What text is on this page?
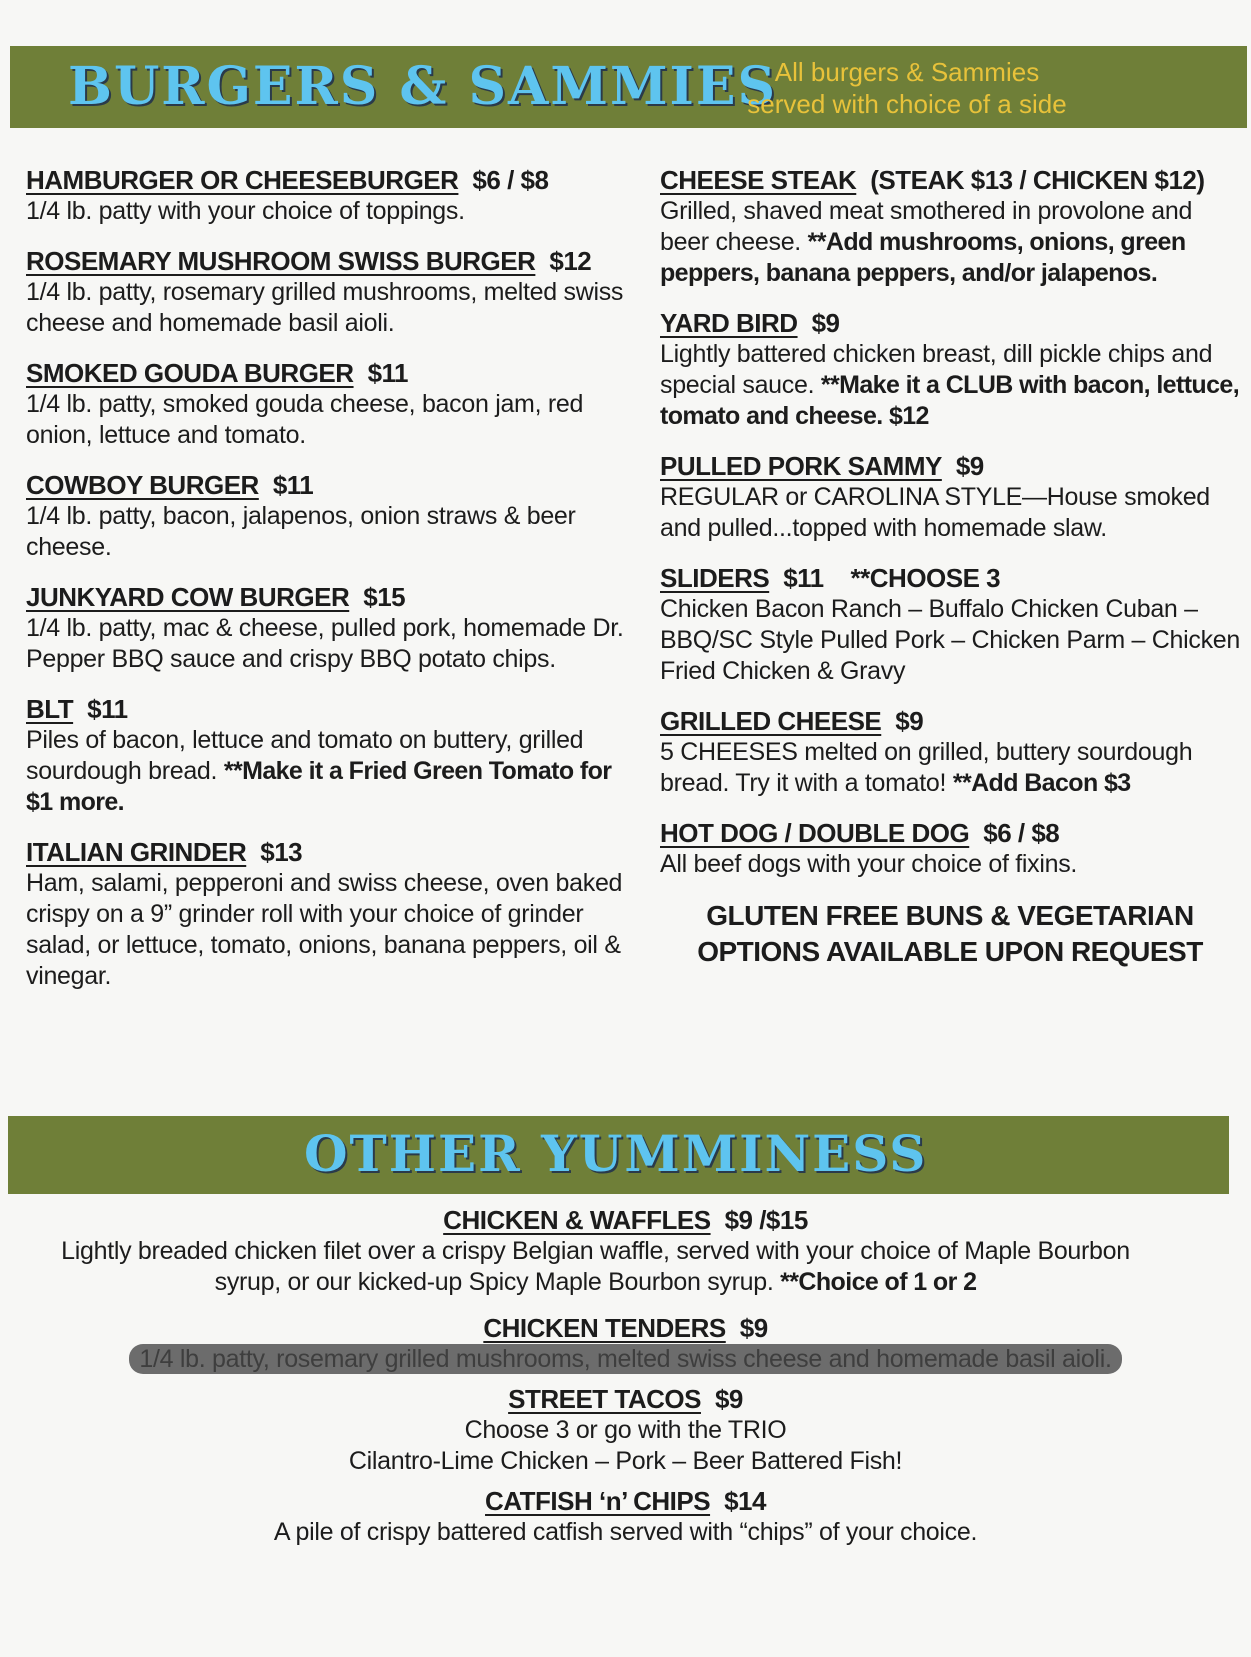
BURGERS & SAMMIES
All burgers & Sammies served with choice of a side
HAMBURGER OR CHEESEBURGER $6 / $8
1/4 lb. patty with your choice of toppings.
ROSEMARY MUSHROOM SWISS BURGER $12
1/4 lb. patty, rosemary grilled mushrooms, melted swiss cheese and homemade basil aioli.
SMOKED GOUDA BURGER $11
1/4 lb. patty, smoked gouda cheese, bacon jam, red onion, lettuce and tomato.
COWBOY BURGER $11
1/4 lb. patty, bacon, jalapenos, onion straws & beer cheese.
JUNKYARD COW BURGER $15
1/4 lb. patty, mac & cheese, pulled pork, homemade Dr. Pepper BBQ sauce and crispy BBQ potato chips.
BLT $11
Piles of bacon, lettuce and tomato on buttery, grilled sourdough bread. **Make it a Fried Green Tomato for $1 more.
ITALIAN GRINDER $13
Ham, salami, pepperoni and swiss cheese, oven baked crispy on a 9” grinder roll with your choice of grinder salad, or lettuce, tomato, onions, banana peppers, oil & vinegar.
CHEESE STEAK (STEAK $13 / CHICKEN $12)
Grilled, shaved meat smothered in provolone and beer cheese. **Add mushrooms, onions, green peppers, banana peppers, and/or jalapenos.
YARD BIRD $9
Lightly battered chicken breast, dill pickle chips and special sauce. **Make it a CLUB with bacon, lettuce, tomato and cheese. $12
PULLED PORK SAMMY $9
REGULAR or CAROLINA STYLE—House smoked and pulled...topped with homemade slaw.
SLIDERS $11    **CHOOSE 3
Chicken Bacon Ranch – Buffalo Chicken Cuban – BBQ/SC Style Pulled Pork – Chicken Parm – Chicken Fried Chicken & Gravy
GRILLED CHEESE $9
5 CHEESES melted on grilled, buttery sourdough bread. Try it with a tomato! **Add Bacon $3
HOT DOG / DOUBLE DOG $6 / $8
All beef dogs with your choice of fixins.
GLUTEN FREE BUNS & VEGETARIAN
OPTIONS AVAILABLE UPON REQUEST
OTHER YUMMINESS
CHICKEN & WAFFLES $9 /$15
Lightly breaded chicken filet over a crispy Belgian waffle, served with your choice of Maple Bourbon syrup, or our kicked-up Spicy Maple Bourbon syrup. **Choice of 1 or 2
CHICKEN TENDERS $9
1/4 lb. patty, rosemary grilled mushrooms, melted swiss cheese and homemade basil aioli.
STREET TACOS $9
Choose 3 or go with the TRIO
Cilantro-Lime Chicken – Pork – Beer Battered Fish!
CATFISH ‘n’ CHIPS $14
A pile of crispy battered catfish served with “chips” of your choice.
